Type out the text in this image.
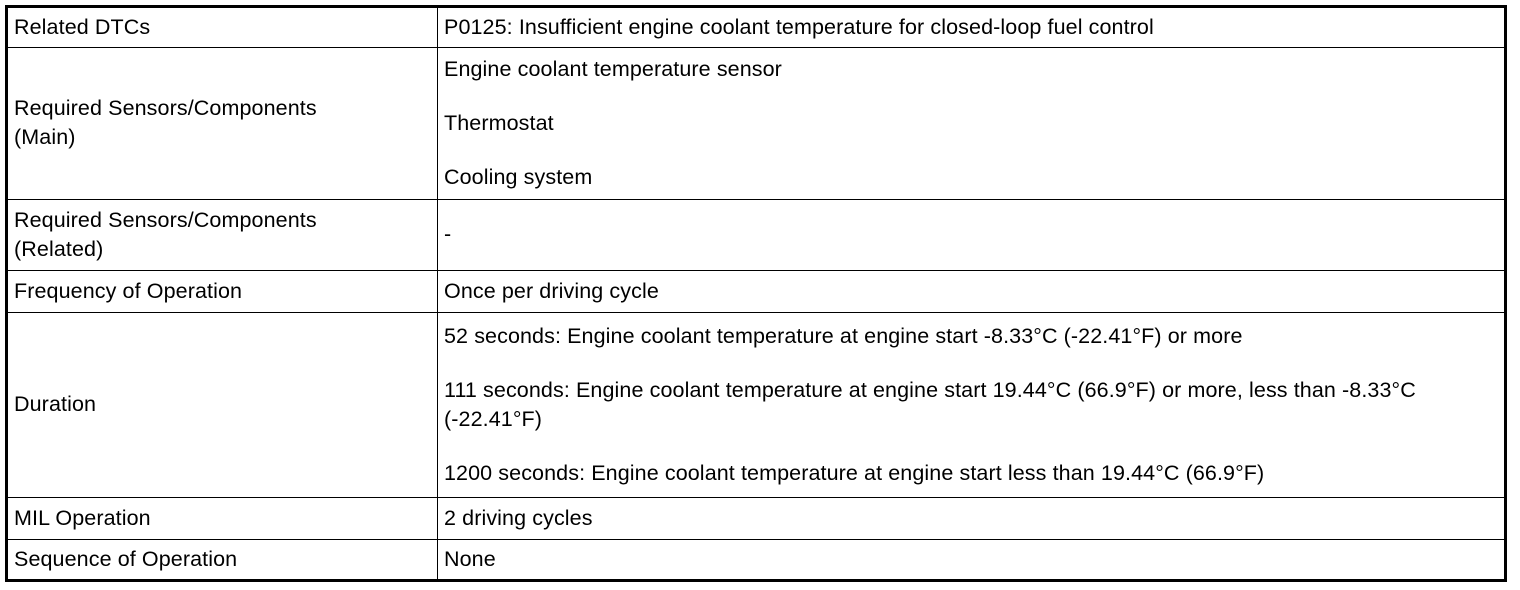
Related DTCs	P0125: Insufficient engine coolant temperature for closed-loop fuel control

Required Sensors/Components
(Main)	Engine coolant temperature sensor
Thermostat
Cooling system

Required Sensors/Components
(Related)	-

Frequency of Operation	Once per driving cycle

Duration	52 seconds: Engine coolant temperature at engine start -8.33°C (-22.41°F) or more
111 seconds: Engine coolant temperature at engine start 19.44°C (66.9°F) or more, less than -8.33°C (-22.41°F)
1200 seconds: Engine coolant temperature at engine start less than 19.44°C (66.9°F)

MIL Operation	2 driving cycles

Sequence of Operation	None
